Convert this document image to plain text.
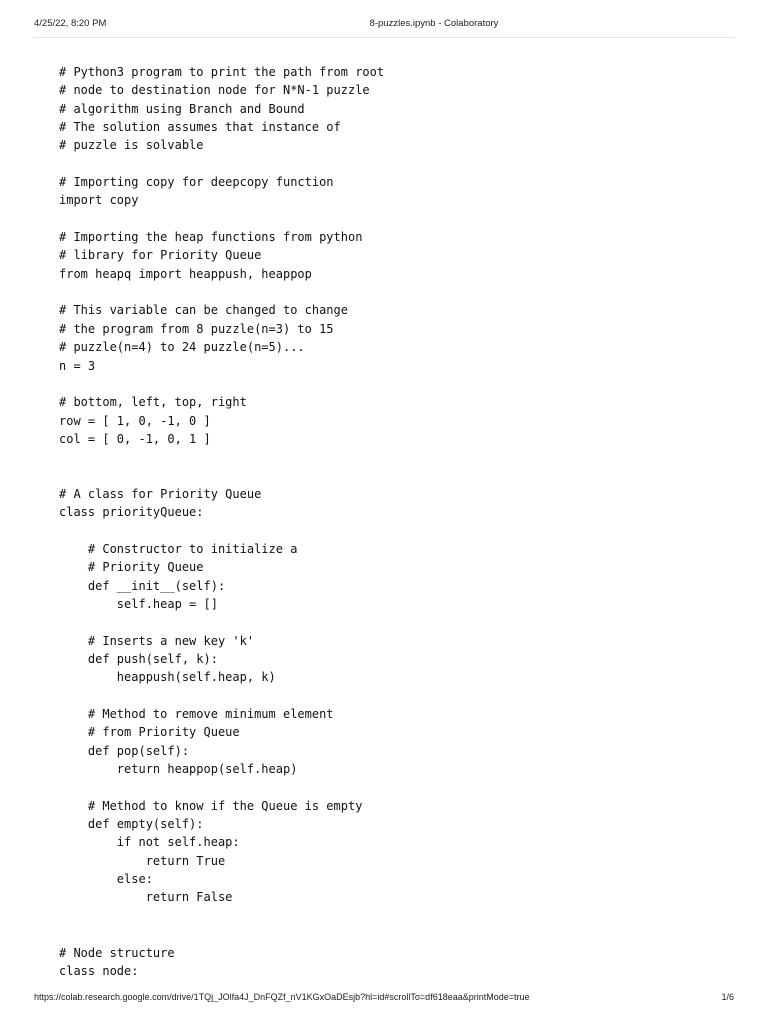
4/25/22, 8:20 PM	8-puzzles.ipynb - Colaboratory
# Python3 program to print the path from root
# node to destination node for N*N-1 puzzle
# algorithm using Branch and Bound
# The solution assumes that instance of
# puzzle is solvable
# Importing copy for deepcopy function
import copy
# Importing the heap functions from python
# library for Priority Queue
from heapq import heappush, heappop
# This variable can be changed to change
# the program from 8 puzzle(n=3) to 15
# puzzle(n=4) to 24 puzzle(n=5)...
n = 3
# bottom, left, top, right
row = [ 1, 0, -1, 0 ]
col = [ 0, -1, 0, 1 ]
# A class for Priority Queue
class priorityQueue:
# Constructor to initialize a
# Priority Queue
def __init__(self):
self.heap = []
# Inserts a new key 'k'
def push(self, k):
heappush(self.heap, k)
# Method to remove minimum element
# from Priority Queue
def pop(self):
return heappop(self.heap)
# Method to know if the Queue is empty
def empty(self):
if not self.heap:
return True
else:
return False
# Node structure
class node:
https://colab.research.google.com/drive/1TQj_JOlfa4J_DnFQZf_nV1KGxOaDEsjb?hl=id#scrollTo=df618eaa&printMode=true	1/6
